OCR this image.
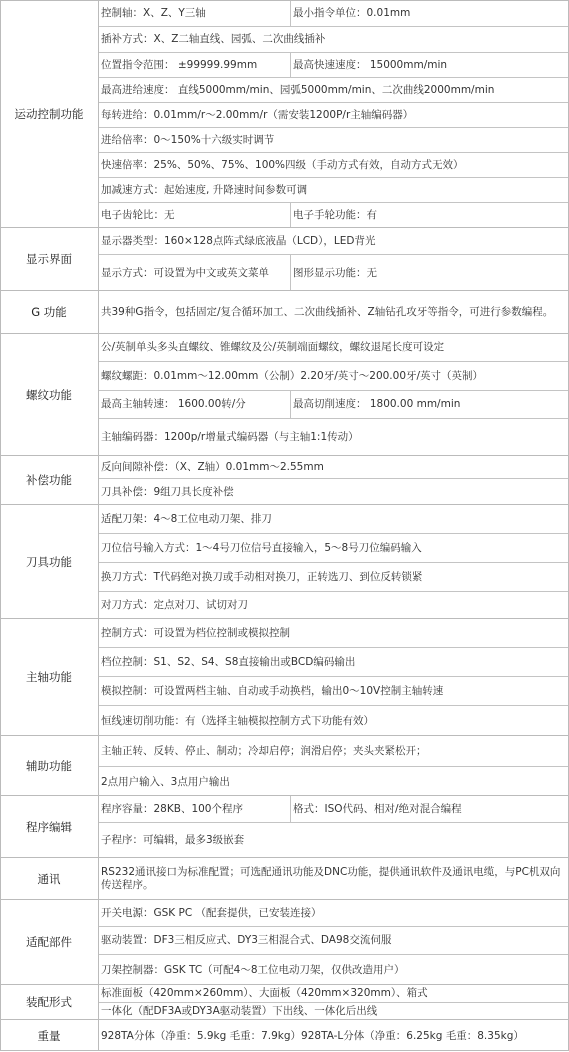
运动控制功能
控制轴：X、Z、Y三轴	最小指令单位：0.01mm
插补方式：X、Z二轴直线、园弧、二次曲线插补
位置指令范围： ±99999.99mm	最高快速速度： 15000mm/min
最高进给速度： 直线5000mm/min、园弧5000mm/min、二次曲线2000mm/min
每转进给：0.01mm/r～2.00mm/r（需安装1200P/r主轴编码器）
进给倍率：0～150%十六级实时调节
快速倍率：25%、50%、75%、100%四级（手动方式有效，自动方式无效）
加减速方式：起始速度, 升降速时间参数可调
电子齿轮比：无	电子手轮功能：有
显示界面
显示器类型：160×128点阵式绿底液晶（LCD），LED背光
显示方式：可设置为中文或英文菜单	图形显示功能：无
G 功能	共39种G指令，包括固定/复合循环加工、二次曲线插补、Z轴钻孔攻牙等指令，可进行参数编程。
螺纹功能
公/英制单头多头直螺纹、锥螺纹及公/英制端面螺纹，螺纹退尾长度可设定
螺纹螺距：0.01mm～12.00mm（公制）2.20牙/英寸～200.00牙/英寸（英制）
最高主轴转速： 1600.00转/分	最高切削速度： 1800.00 mm/min
主轴编码器：1200p/r增量式编码器（与主轴1:1传动）
补偿功能
反向间隙补偿：（X、Z轴）0.01mm～2.55mm
刀具补偿：9组刀具长度补偿
刀具功能
适配刀架：4～8工位电动刀架、排刀
刀位信号输入方式：1～4号刀位信号直接输入，5～8号刀位编码输入
换刀方式：T代码绝对换刀或手动相对换刀，正转选刀、到位反转锁紧
对刀方式：定点对刀、试切对刀
主轴功能
控制方式：可设置为档位控制或模拟控制
档位控制：S1、S2、S4、S8直接输出或BCD编码输出
模拟控制：可设置两档主轴、自动或手动换档，输出0～10V控制主轴转速
恒线速切削功能：有（选择主轴模拟控制方式下功能有效）
辅助功能
主轴正转、反转、停止、制动；冷却启停；润滑启停；夹头夹紧松开；
2点用户输入、3点用户输出
程序编辑
程序容量：28KB、100个程序	格式：ISO代码、相对/绝对混合编程
子程序：可编辑，最多3级嵌套
通讯	RS232通讯接口为标准配置；可选配通讯功能及DNC功能，提供通讯软件及通讯电缆，与PC机双向传送程序。
适配部件
开关电源：GSK PC （配套提供，已安装连接）
驱动装置：DF3三相反应式、DY3三相混合式、DA98交流伺服
刀架控制器：GSK TC（可配4～8工位电动刀架，仅供改造用户）
装配形式
标准面板（420mm×260mm）、大面板（420mm×320mm）、箱式
一体化（配DF3A或DY3A驱动装置）下出线、一体化后出线
重量	928TA分体（净重：5.9kg 毛重：7.9kg）928TA-L分体（净重：6.25kg 毛重：8.35kg）
